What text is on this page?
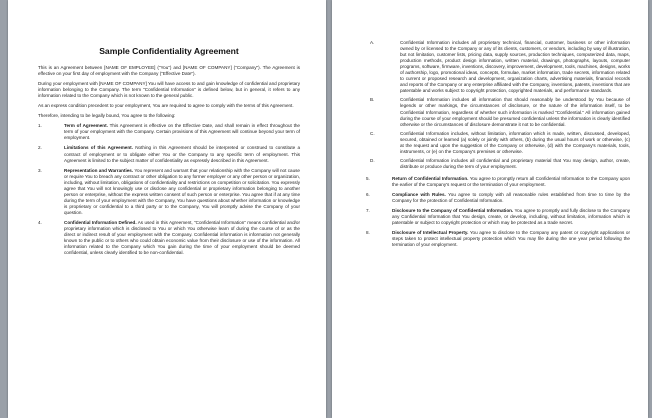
Sample Confidentiality Agreement

This is an Agreement between [NAME OF EMPLOYEE] ("You") and [NAME OF COMPANY] ("Company"). The Agreement is effective on your first day of employment with the Company ("Effective Date").

During your employment with [NAME OF COMPANY] You will have access to and gain knowledge of confidential and proprietary information belonging to the Company. The term "Confidential Information" is defined below, but in general, it refers to any information related to the Company which is not known to the general public.

As an express condition precedent to your employment, You are required to agree to comply with the terms of this Agreement.

Therefore, intending to be legally bound, You agree to the following:

1.	Term of Agreement. This Agreement is effective on the Effective Date, and shall remain in effect throughout the term of your employment with the Company. Certain provisions of this Agreement will continue beyond your term of employment.
2.	Limitations of this Agreement. Nothing in this Agreement should be interpreted or construed to constitute a contract of employment or to obligate either You or the Company to any specific term of employment. This Agreement is limited to the subject matter of confidentiality as expressly described in this Agreement.
3.	Representation and Warranties. You represent and warrant that your relationship with the Company will not cause or require You to breach any contract or other obligation to any former employer or any other person or organization, including, without limitation, obligations of confidentiality and restrictions on competition or solicitation. You expressly agree that You will not knowingly use or disclose any confidential or proprietary information belonging to another person or enterprise, without the express written consent of such person or enterprise. You agree that if at any time during the term of your employment with the Company, You have questions about whether information or knowledge is proprietary or confidential to a third party or to the Company, You will promptly advise the Company of your question.
4.	Confidential Information Defined. As used in this Agreement, "Confidential Information" means confidential and/or proprietary information which is disclosed to You or which You otherwise learn of during the course of or as the direct or indirect result of your employment with the Company. Confidential information is information not generally known to the public or to others who could obtain economic value from their disclosure or use of the information. All information related to the Company which You gain during the time of your employment should be deemed confidential, unless clearly identified to be non-confidential.
A.	Confidential Information includes all proprietary technical, financial, customer, business or other information owned by or licensed to the Company or any of its clients, customers, or vendors, including by way of illustration, but not limitation, customer lists, pricing data, supply sources, production techniques, computerized data, maps, production methods, product design information, written material, drawings, photographs, layouts, computer programs, software, firmware, inventions, discovery, improvement, development, tools, machines, designs, works of authorship, logo, promotional ideas, concepts, formulae, market information, trade secrets, information related to current or proposed research and development, organization charts, advertising materials, financial records and reports of the Company or any enterprise affiliated with the Company, inventions, patents, inventions that are patentable and works subject to copyright protection, copyrighted materials, and performance standards.
B.	Confidential Information includes all information that should reasonably be understood by You because of legends or other markings, the circumstances of disclosure, or the nature of the information itself, to be Confidential Information, regardless of whether such information is marked "Confidential." All information gained during the course of your employment should be presumed confidential unless the information is clearly identified otherwise or the circumstances of disclosure demonstrate it not to be confidential.
C.	Confidential Information includes, without limitation, information which is made, written, discussed, developed, secured, obtained or learned (a) solely or jointly with others, (b) during the usual hours of work or otherwise, (c) at the request and upon the suggestion of the Company or otherwise, (d) with the Company's materials, tools, instruments, or (e) on the Company's premises or otherwise.
D.	Confidential Information includes all confidential and proprietary material that You may design, author, create, distribute or produce during the term of your employment.
5.	Return of Confidential Information. You agree to promptly return all Confidential Information to the Company upon the earlier of the Company's request or the termination of your employment.
6.	Compliance with Rules. You agree to comply with all reasonable rules established from time to time by the Company for the protection of Confidential Information.
7.	Disclosure to the Company of Confidential Information. You agree to promptly and fully disclose to the Company any Confidential Information that You design, create, or develop, including, without limitation, information which is patentable or subject to copyright protection or which may be protected as a trade secret.
8.	Disclosure of Intellectual Property. You agree to disclose to the Company any patent or copyright applications or steps taken to protect intellectual property protection which You may file during the one year period following the termination of your employment.
